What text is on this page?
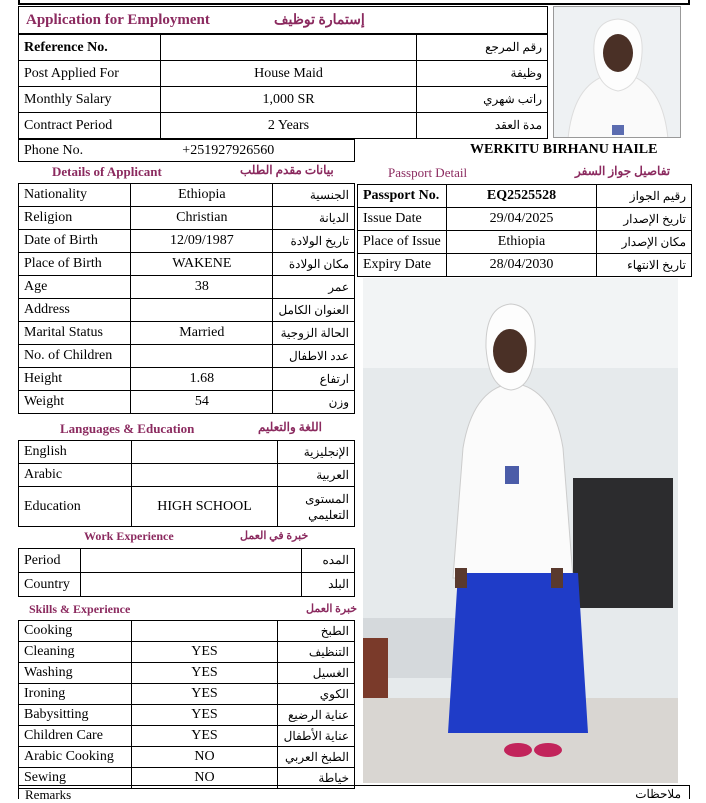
Application for Employment	إستمارة توظيف
Reference No.		رقم المرجع
Post Applied For	House Maid	وظيفة
Monthly Salary	1,000 SR	راتب شهري
Contract Period	2 Years	مدة العقد
Phone No.	+251927926560	WERKITU BIRHANU HAILE
Details of Applicant	بيانات مقدم الطلب
Nationality	Ethiopia	الجنسية
Religion	Christian	الديانة
Date of Birth	12/09/1987	تاريخ الولادة
Place of Birth	WAKENE	مكان الولادة
Age	38	عمر
Address		العنوان الكامل
Marital Status	Married	الحالة الزوجية
No. of Children		عدد الاطفال
Height	1.68	ارتفاع
Weight	54	وزن
Languages & Education	اللغة والتعليم
English		الإنجليزية
Arabic		العربية
Education	HIGH SCHOOL	المستوى التعليمي
Work Experience	خبرة في العمل
Period		المده
Country		البلد
Skills & Experience	خبرة العمل
Cooking		الطبخ
Cleaning	YES	التنظيف
Washing	YES	الغسيل
Ironing	YES	الكوي
Babysitting	YES	عناية الرضيع
Children Care	YES	عناية الأطفال
Arabic Cooking	NO	الطبخ العربي
Sewing	NO	خياطة
Remarks	ملاحظات
Passport Detail	تفاصيل جواز السفر
Passport No.	EQ2525528	رقيم الجواز
Issue Date	29/04/2025	تاريخ الإصدار
Place of Issue	Ethiopia	مكان الإصدار
Expiry Date	28/04/2030	تاريخ الانتهاء
